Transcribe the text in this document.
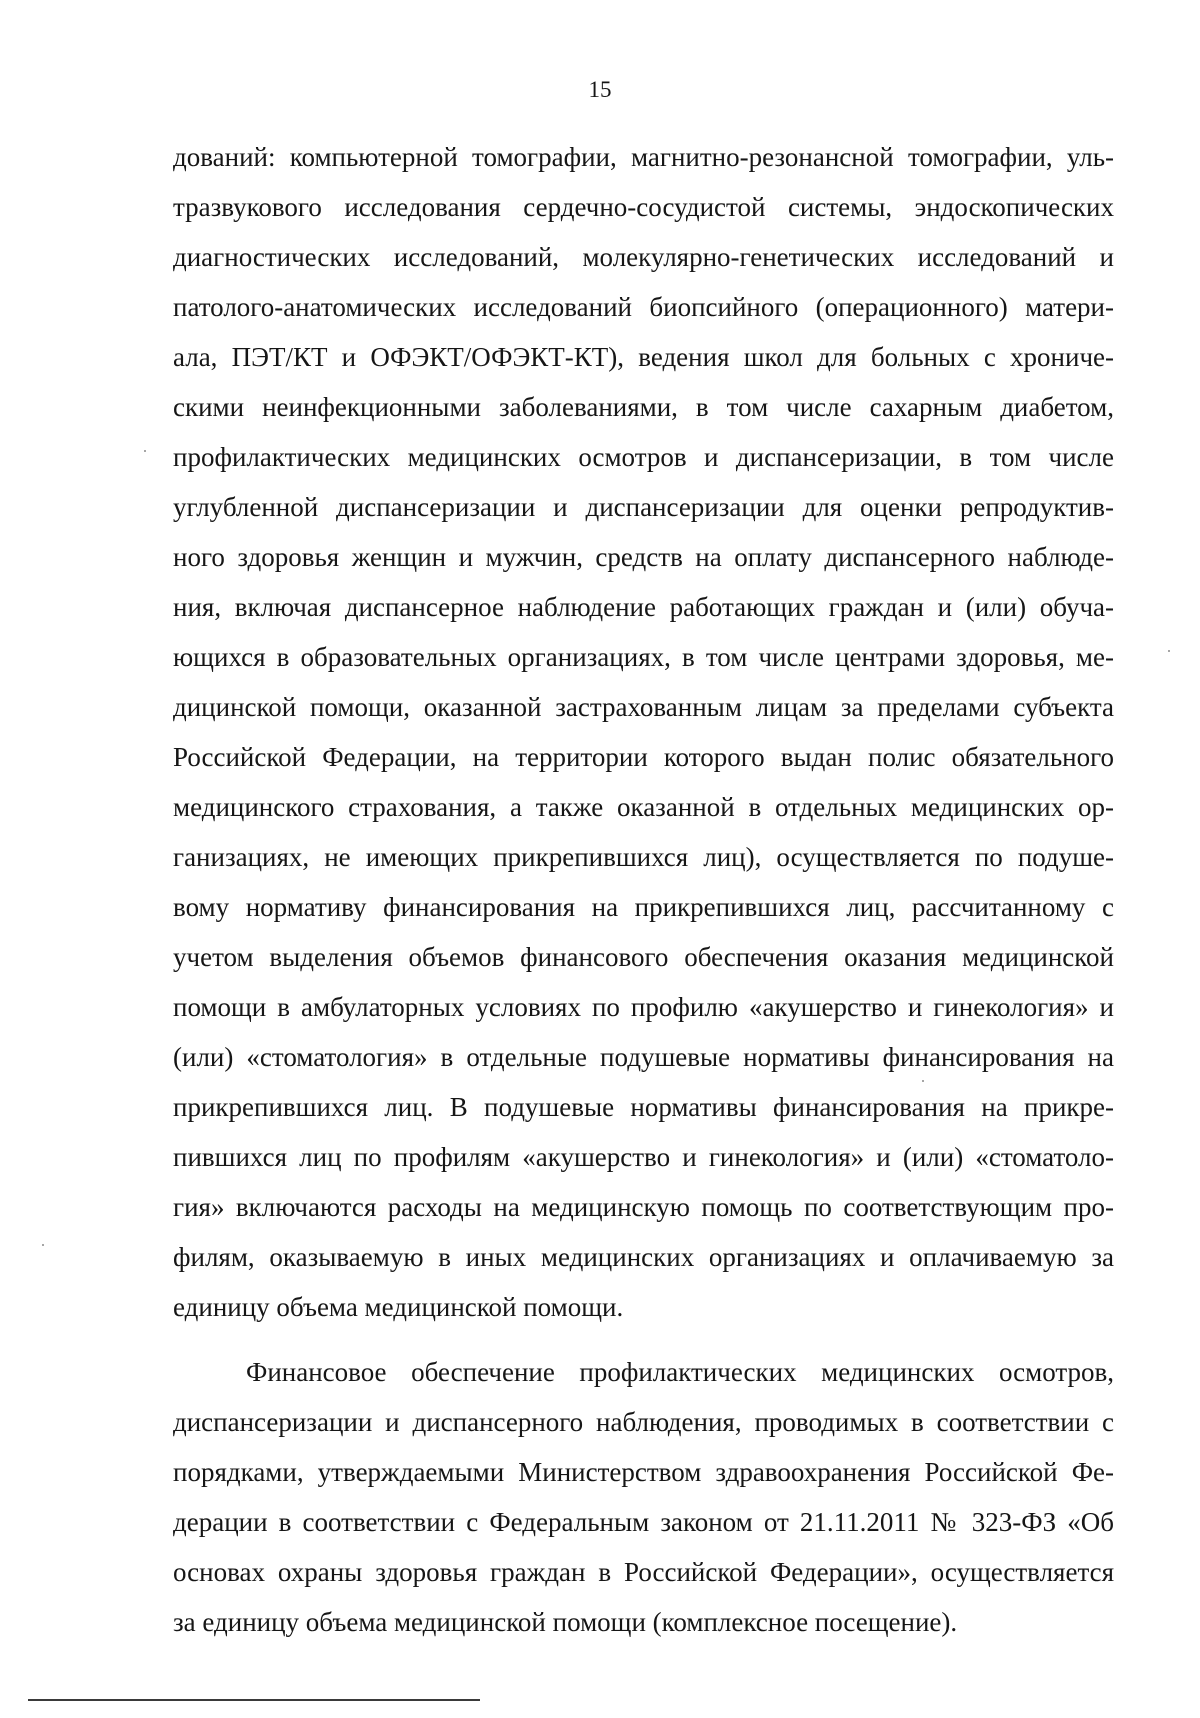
15
дований: компьютерной томографии, магнитно-резонансной томографии, уль-
тразвукового исследования сердечно-сосудистой системы, эндоскопических
диагностических исследований, молекулярно-генетических исследований и
патолого-анатомических исследований биопсийного (операционного) матери-
ала, ПЭТ/КТ и ОФЭКТ/ОФЭКТ-КТ), ведения школ для больных с хрониче-
скими неинфекционными заболеваниями, в том числе сахарным диабетом,
профилактических медицинских осмотров и диспансеризации, в том числе
углубленной диспансеризации и диспансеризации для оценки репродуктив-
ного здоровья женщин и мужчин, средств на оплату диспансерного наблюде-
ния, включая диспансерное наблюдение работающих граждан и (или) обуча-
ющихся в образовательных организациях, в том числе центрами здоровья, ме-
дицинской помощи, оказанной застрахованным лицам за пределами субъекта
Российской Федерации, на территории которого выдан полис обязательного
медицинского страхования, а также оказанной в отдельных медицинских ор-
ганизациях, не имеющих прикрепившихся лиц), осуществляется по подуше-
вому нормативу финансирования на прикрепившихся лиц, рассчитанному с
учетом выделения объемов финансового обеспечения оказания медицинской
помощи в амбулаторных условиях по профилю «акушерство и гинекология» и
(или) «стоматология» в отдельные подушевые нормативы финансирования на
прикрепившихся лиц. В подушевые нормативы финансирования на прикре-
пившихся лиц по профилям «акушерство и гинекология» и (или) «стоматоло-
гия» включаются расходы на медицинскую помощь по соответствующим про-
филям, оказываемую в иных медицинских организациях и оплачиваемую за
единицу объема медицинской помощи.
Финансовое обеспечение профилактических медицинских осмотров,
диспансеризации и диспансерного наблюдения, проводимых в соответствии с
порядками, утверждаемыми Министерством здравоохранения Российской Фе-
дерации в соответствии с Федеральным законом от 21.11.2011 № 323-ФЗ «Об
основах охраны здоровья граждан в Российской Федерации», осуществляется
за единицу объема медицинской помощи (комплексное посещение).
